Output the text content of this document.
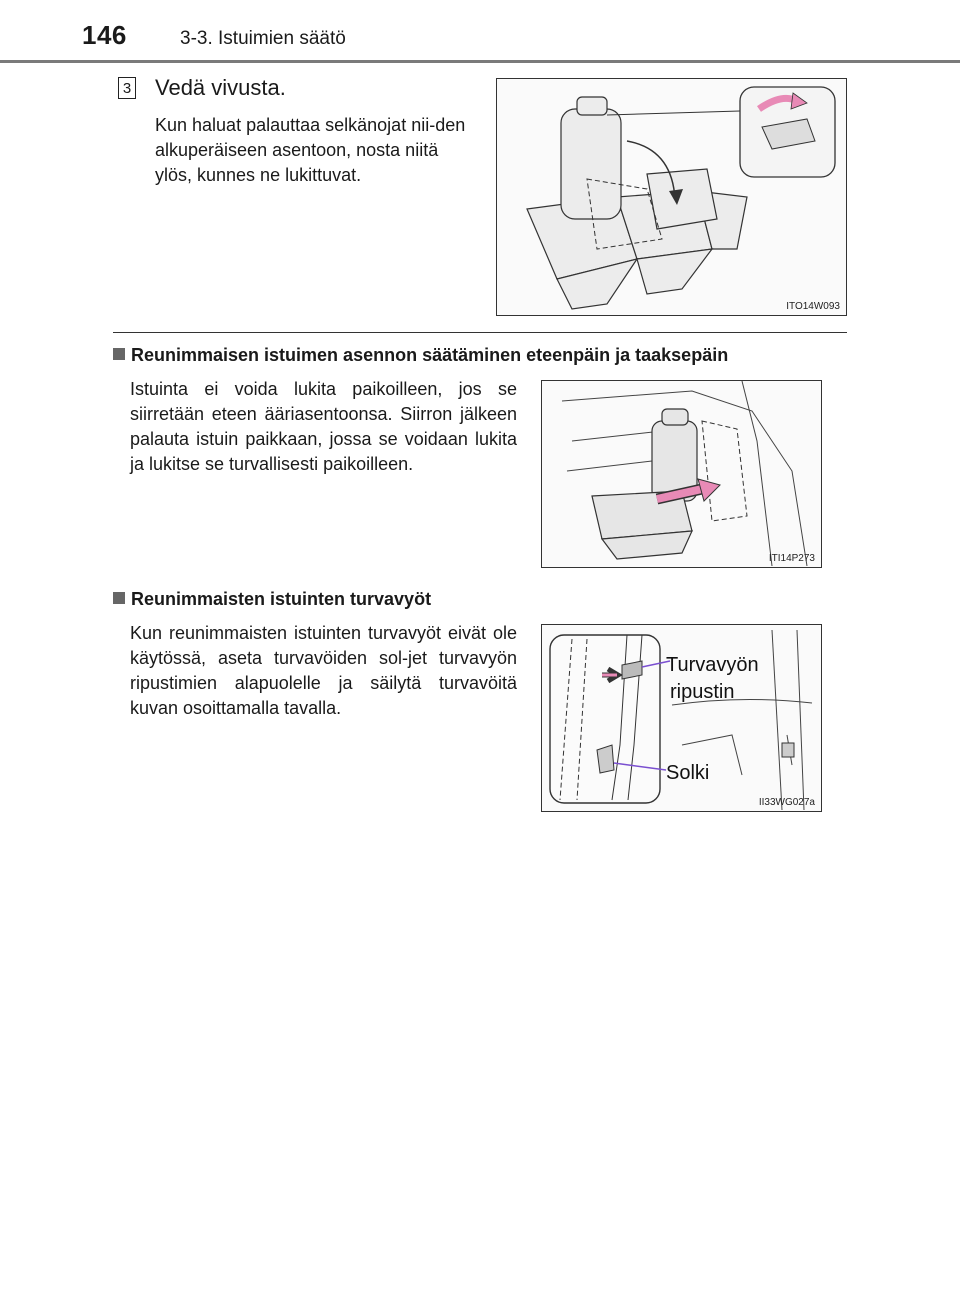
146	3-3. Istuimien säätö
3 Vedä vivusta.
Kun haluat palauttaa selkänojat nii-den alkuperäiseen asentoon, nosta niitä ylös, kunnes ne lukittuvat.
ITO14W093
Reunimmaisen istuimen asennon säätäminen eteenpäin ja taaksepäin
Istuinta ei voida lukita paikoilleen, jos se siirretään eteen ääriasentoonsa. Siirron jälkeen palauta istuin paikkaan, jossa se voidaan lukita ja lukitse se turvallisesti paikoilleen.
ITI14P273
Reunimmaisten istuinten turvavyöt
Kun reunimmaisten istuinten turvavyöt eivät ole käytössä, aseta turvavöiden sol-jet turvavyön ripustimien alapuolelle ja säilytä turvavöitä kuvan osoittamalla tavalla.
Turvavyön
ripustin
Solki
II33WG027a
